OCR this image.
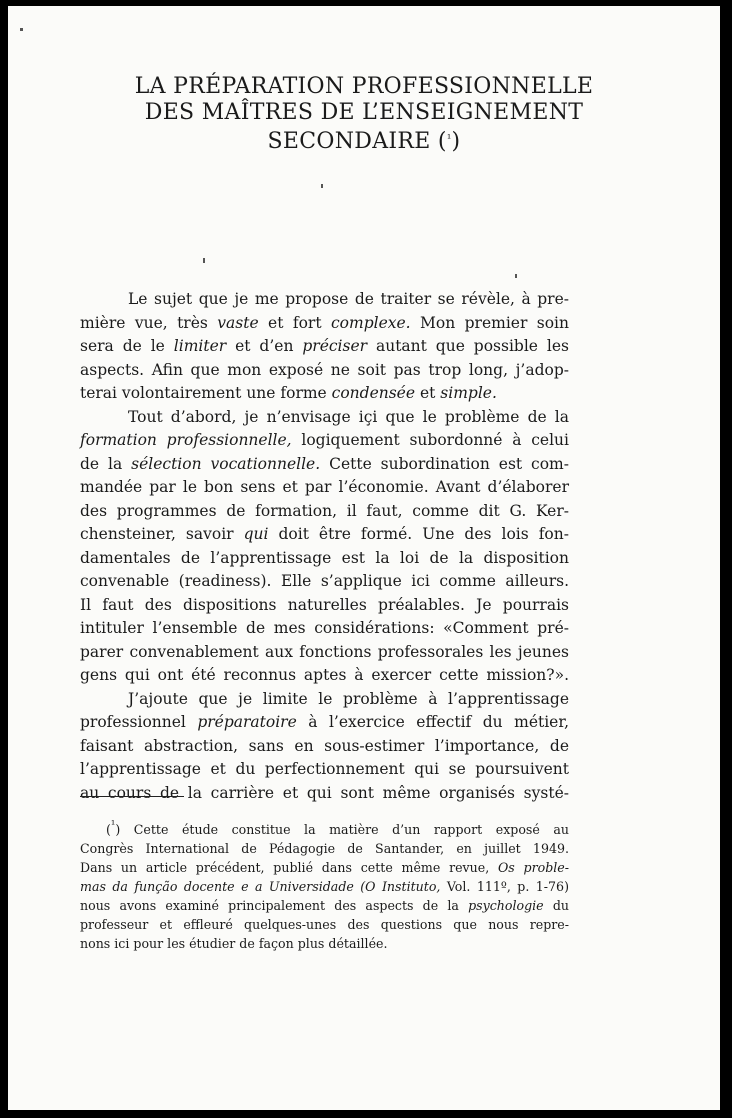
LA PRÉPARATION PROFESSIONNELLE
DES MAÎTRES DE L’ENSEIGNEMENT
SECONDAIRE ($^{^1}$)
Le sujet que je me propose de traiter se révèle, à pre-
mière vue, très vaste et fort complexe. Mon premier soin
sera de le limiter et d’en préciser autant que possible les
aspects. Afin que mon exposé ne soit pas trop long, j’adop-
terai volontairement une forme condensée et simple.
Tout d’abord, je n’envisage içi que le problème de la
formation professionnelle, logiquement subordonné à celui
de la sélection vocationnelle. Cette subordination est com-
mandée par le bon sens et par l’économie. Avant d’élaborer
des programmes de formation, il faut, comme dit G. Ker-
chensteiner, savoir qui doit être formé. Une des lois fon-
damentales de l’apprentissage est la loi de la disposition
convenable (readiness). Elle s’applique ici comme ailleurs.
Il faut des dispositions naturelles préalables. Je pourrais
intituler l’ensemble de mes considérations: «Comment pré-
parer convenablement aux fonctions professorales les jeunes
gens qui ont été reconnus aptes à exercer cette mission?».
J’ajoute que je limite le problème à l’apprentissage
professionnel préparatoire à l’exercice effectif du métier,
faisant abstraction, sans en sous-estimer l’importance, de
l’apprentissage et du perfectionnement qui se poursuivent
au cours de la carrière et qui sont même organisés systé-
($^{^1}$) Cette étude constitue la matière d’un rapport exposé au
Congrès International de Pédagogie de Santander, en juillet 1949.
Dans un article précédent, publié dans cette même revue, Os proble-
mas da função docente e a Universidade (O Instituto, Vol. 111º, p. 1-76)
nous avons examiné principalement des aspects de la psychologie du
professeur et effleuré quelques-unes des questions que nous repre-
nons ici pour les étudier de façon plus détaillée.
